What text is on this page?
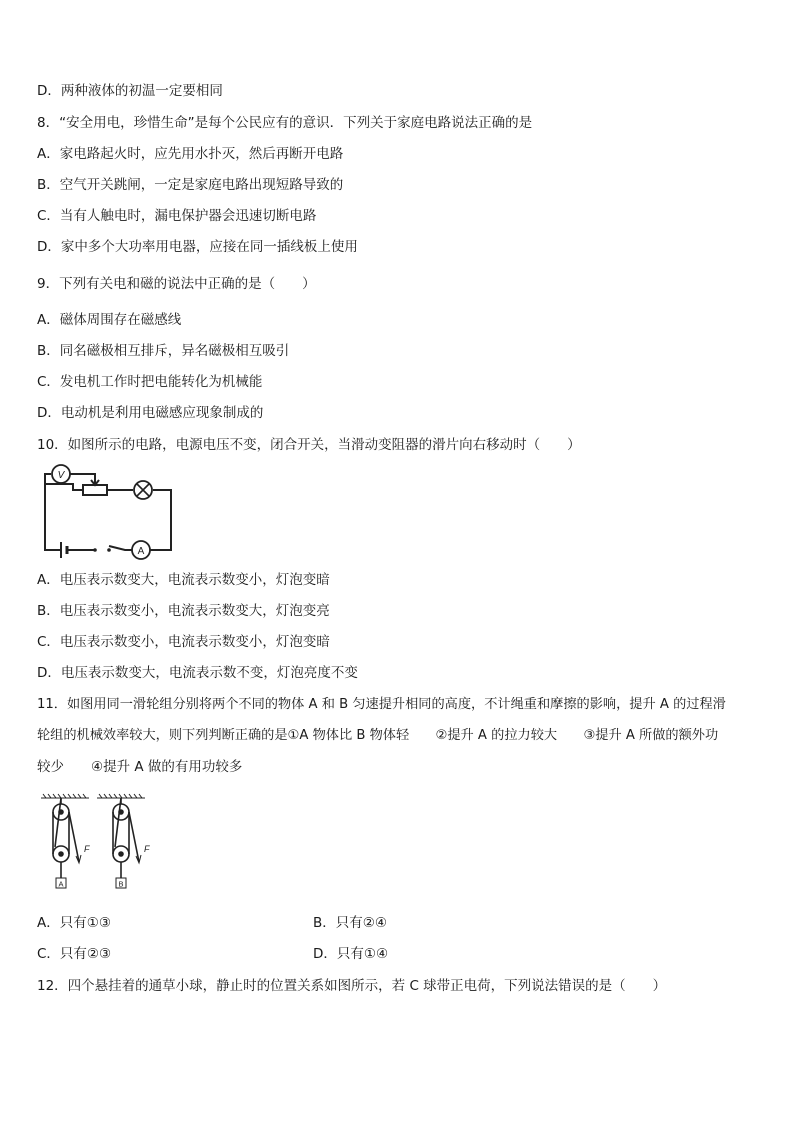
D．两种液体的初温一定要相同
8．“安全用电，珍惜生命”是每个公民应有的意识．下列关于家庭电路说法正确的是
A．家电路起火时，应先用水扑灭，然后再断开电路
B．空气开关跳闸，一定是家庭电路出现短路导致的
C．当有人触电时，漏电保护器会迅速切断电路
D．家中多个大功率用电器，应接在同一插线板上使用
9．下列有关电和磁的说法中正确的是（　　）
A．磁体周围存在磁感线
B．同名磁极相互排斥，异名磁极相互吸引
C．发电机工作时把电能转化为机械能
D．电动机是利用电磁感应现象制成的
10．如图所示的电路，电源电压不变，闭合开关，当滑动变阻器的滑片向右移动时（　　）
V
A
A．电压表示数变大，电流表示数变小，灯泡变暗
B．电压表示数变小，电流表示数变大，灯泡变亮
C．电压表示数变小，电流表示数变小，灯泡变暗
D．电压表示数变大，电流表示数不变，灯泡亮度不变
11．如图用同一滑轮组分别将两个不同的物体 A 和 B 匀速提升相同的高度，不计绳重和摩擦的影响，提升 A 的过程滑
轮组的机械效率较大，则下列判断正确的是①A 物体比 B 物体轻　　②提升 A 的拉力较大　　③提升 A 所做的额外功
较少　　④提升 A 做的有用功较多
F
A
F
B
A．只有①③	B．只有②④
C．只有②③	D．只有①④
12．四个悬挂着的通草小球，静止时的位置关系如图所示，若 C 球带正电荷，下列说法错误的是（　　）
